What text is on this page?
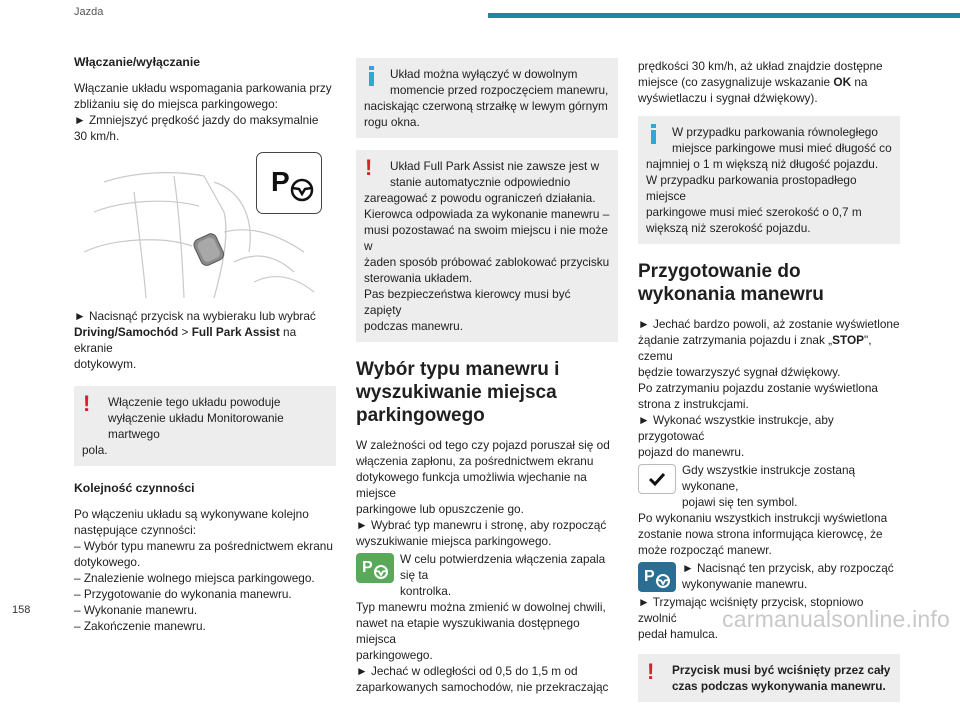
Jazda
Włączanie/wyłączanie

Włączanie układu wspomagania parkowania przy
zbliżaniu się do miejsca parkingowego:
► Zmniejszyć prędkość jazdy do maksymalnie
30 km/h.

P

► Nacisnąć przycisk na wybieraku lub wybrać
Driving/Samochód > Full Park Assist na ekranie
dotykowym.

!	Włączenie tego układu powoduje
wyłączenie układu Monitorowanie martwego
pola.
Kolejność czynności

Po włączeniu układu są wykonywane kolejno
następujące czynności:
– Wybór typu manewru za pośrednictwem ekranu
dotykowego.
– Znalezienie wolnego miejsca parkingowego.
– Przygotowanie do wykonania manewru.
– Wykonanie manewru.
– Zakończenie manewru.

Układ można wyłączyć w dowolnym
momencie przed rozpoczęciem manewru,
naciskając czerwoną strzałkę w lewym górnym
rogu okna.
!	Układ Full Park Assist nie zawsze jest w
stanie automatycznie odpowiednio
zareagować z powodu ograniczeń działania.
Kierowca odpowiada za wykonanie manewru –
musi pozostawać na swoim miejscu i nie może w
żaden sposób próbować zablokować przycisku
sterowania układem.
Pas bezpieczeństwa kierowcy musi być zapięty
podczas manewru.
Wybór typu manewru i wyszukiwanie miejsca parkingowego

W zależności od tego czy pojazd poruszał się od
włączenia zapłonu, za pośrednictwem ekranu
dotykowego funkcja umożliwia wjechanie na miejsce
parkingowe lub opuszczenie go.
► Wybrać typ manewru i stronę, aby rozpocząć
wyszukiwanie miejsca parkingowego.

P W celu potwierdzenia włączenia zapala się ta
kontrolka.

Typ manewru można zmienić w dowolnej chwili,
nawet na etapie wyszukiwania dostępnego miejsca
parkingowego.
► Jechać w odległości od 0,5 do 1,5 m od
zaparkowanych samochodów, nie przekraczając

prędkości 30 km/h, aż układ znajdzie dostępne
miejsce (co zasygnalizuje wskazanie OK na
wyświetlaczu i sygnał dźwiękowy).

W przypadku parkowania równoległego
miejsce parkingowe musi mieć długość co
najmniej o 1 m większą niż długość pojazdu.
W przypadku parkowania prostopadłego miejsce
parkingowe musi mieć szerokość o 0,7 m
większą niż szerokość pojazdu.
Przygotowanie do wykonania manewru

► Jechać bardzo powoli, aż zostanie wyświetlone
żądanie zatrzymania pojazdu i znak „STOP", czemu
będzie towarzyszyć sygnał dźwiękowy.
Po zatrzymaniu pojazdu zostanie wyświetlona
strona z instrukcjami.
► Wykonać wszystkie instrukcje, aby przygotować
pojazd do manewru.

Gdy wszystkie instrukcje zostaną wykonane,
pojawi się ten symbol.

Po wykonaniu wszystkich instrukcji wyświetlona
zostanie nowa strona informująca kierowcę, że
może rozpocząć manewr.

P ► Nacisnąć ten przycisk, aby rozpocząć
wykonywanie manewru.

► Trzymając wciśnięty przycisk, stopniowo zwolnić
pedał hamulca.

!	Przycisk musi być wciśnięty przez cały
czas podczas wykonywania manewru.
158	carmanualsonline.info
